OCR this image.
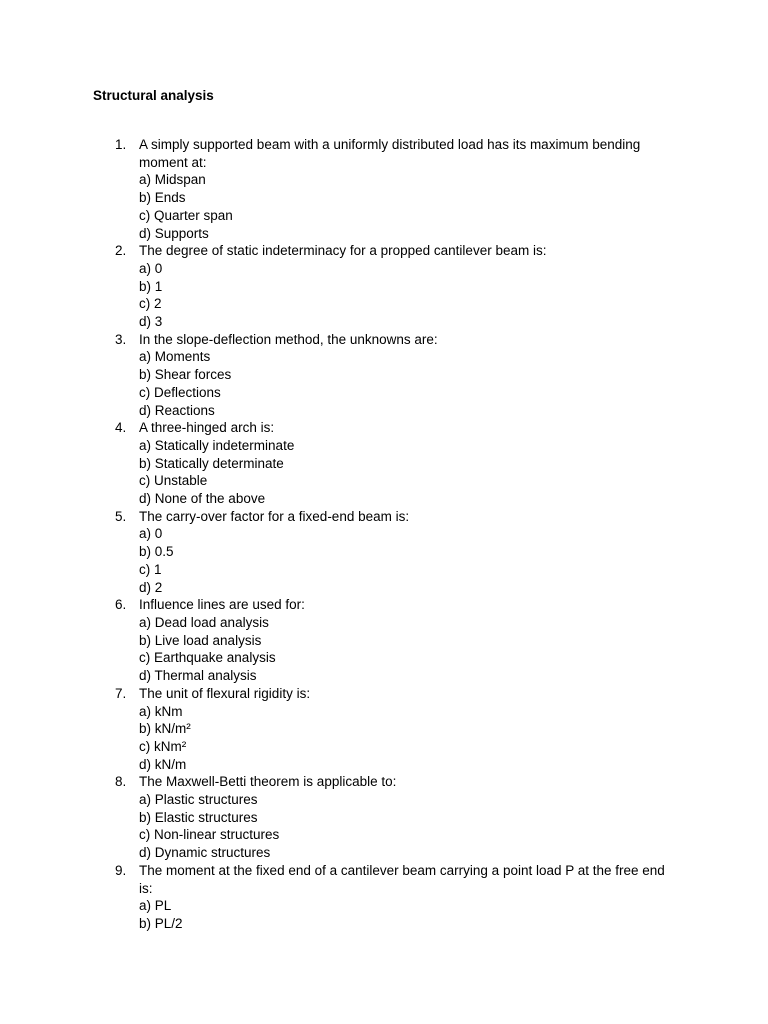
Structural analysis
1. A simply supported beam with a uniformly distributed load has its maximum bending moment at:
a) Midspan
b) Ends
c) Quarter span
d) Supports
2. The degree of static indeterminacy for a propped cantilever beam is:
a) 0
b) 1
c) 2
d) 3
3. In the slope-deflection method, the unknowns are:
a) Moments
b) Shear forces
c) Deflections
d) Reactions
4. A three-hinged arch is:
a) Statically indeterminate
b) Statically determinate
c) Unstable
d) None of the above
5. The carry-over factor for a fixed-end beam is:
a) 0
b) 0.5
c) 1
d) 2
6. Influence lines are used for:
a) Dead load analysis
b) Live load analysis
c) Earthquake analysis
d) Thermal analysis
7. The unit of flexural rigidity is:
a) kNm
b) kN/m²
c) kNm²
d) kN/m
8. The Maxwell-Betti theorem is applicable to:
a) Plastic structures
b) Elastic structures
c) Non-linear structures
d) Dynamic structures
9. The moment at the fixed end of a cantilever beam carrying a point load P at the free end is:
a) PL
b) PL/2
